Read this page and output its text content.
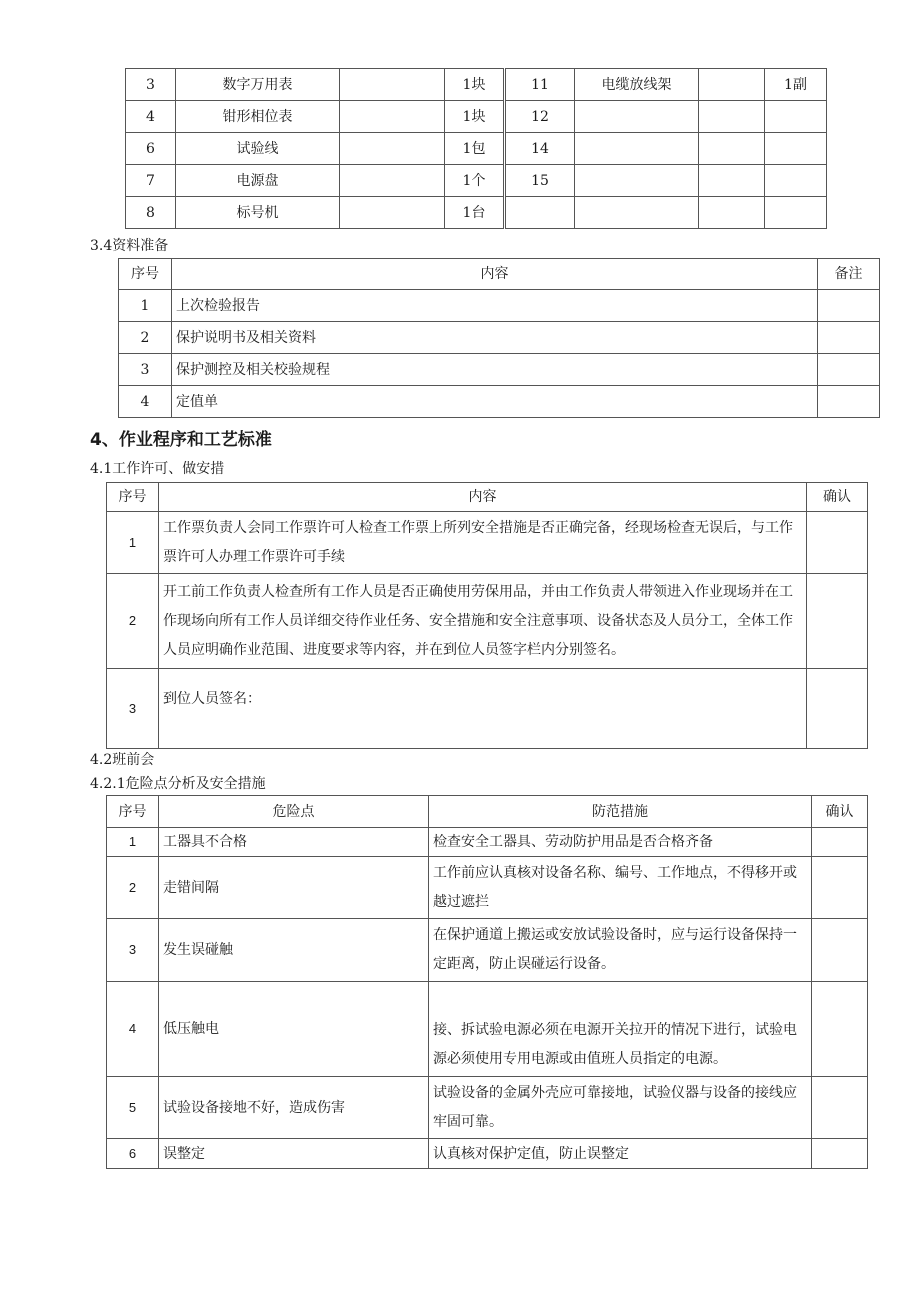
3	数字万用表		1块	11	电缆放线架		1副
4	钳形相位表		1块	12			
6	试验线		1包	14			
7	电源盘		1个	15			
8	标号机		1台				
3.4资料准备
序号	内容	备注
1	上次检验报告	
2	保护说明书及相关资料	
3	保护测控及相关校验规程	
4	定值单	
4、作业程序和工艺标准
4.1工作许可、做安措
序号	内容	确认
1	工作票负责人会同工作票许可人检查工作票上所列安全措施是否正确完备，经现场检查无误后，与工作票许可人办理工作票许可手续	
2	开工前工作负责人检查所有工作人员是否正确使用劳保用品，并由工作负责人带领进入作业现场并在工作现场向所有工作人员详细交待作业任务、安全措施和安全注意事项、设备状态及人员分工，全体工作人员应明确作业范围、进度要求等内容，并在到位人员签字栏内分别签名。	
3	到位人员签名：	
4.2班前会
4.2.1危险点分析及安全措施
序号	危险点	防范措施	确认
1	工器具不合格	检查安全工器具、劳动防护用品是否合格齐备	
2	走错间隔	工作前应认真核对设备名称、编号、工作地点，不得移开或越过遮拦	
3	发生误碰触	在保护通道上搬运或安放试验设备时，应与运行设备保持一定距离，防止误碰运行设备。	
4	低压触电	接、拆试验电源必须在电源开关拉开的情况下进行，试验电源必须使用专用电源或由值班人员指定的电源。	
5	试验设备接地不好，造成伤害	试验设备的金属外壳应可靠接地，试验仪器与设备的接线应牢固可靠。	
6	误整定	认真核对保护定值，防止误整定	
